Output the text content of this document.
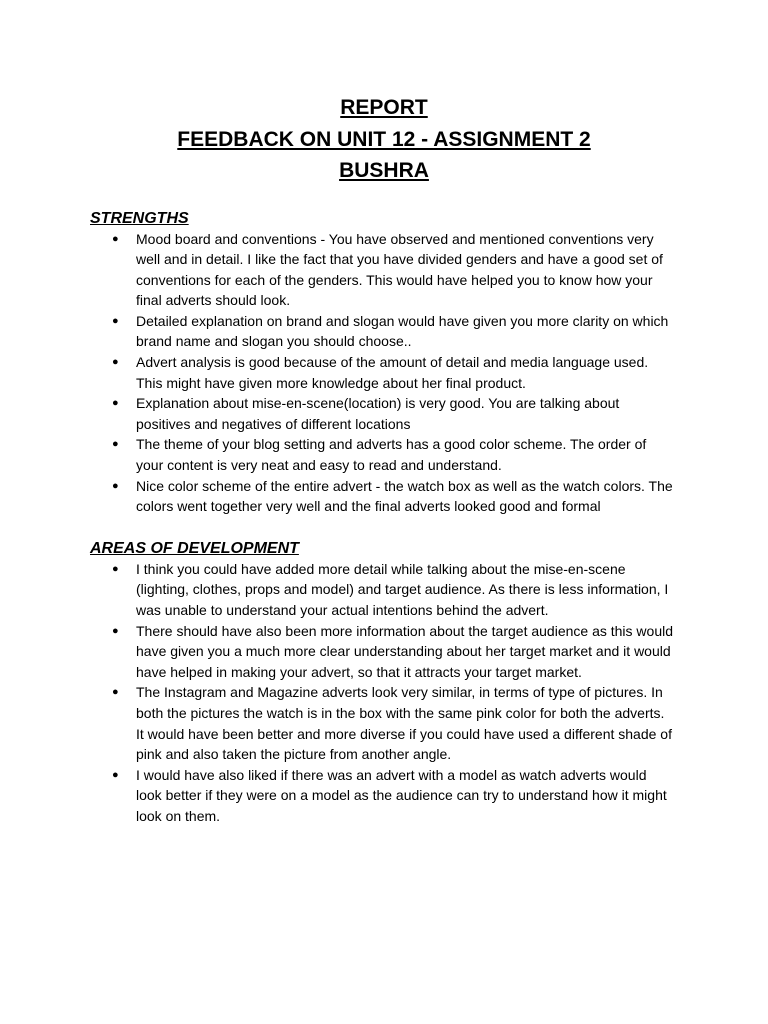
REPORT

FEEDBACK ON UNIT 12 - ASSIGNMENT 2

BUSHRA

STRENGTHS

● Mood board and conventions - You have observed and mentioned conventions very well and in detail. I like the fact that you have divided genders and have a good set of conventions for each of the genders. This would have helped you to know how your final adverts should look.
● Detailed explanation on brand and slogan would have given you more clarity on which brand name and slogan you should choose..
● Advert analysis is good because of the amount of detail and media language used. This might have given more knowledge about her final product.
● Explanation about mise-en-scene(location) is very good. You are talking about positives and negatives of different locations
● The theme of your blog setting and adverts has a good color scheme. The order of your content is very neat and easy to read and understand.
● Nice color scheme of the entire advert - the watch box as well as the watch colors. The colors went together very well and the final adverts looked good and formal

AREAS OF DEVELOPMENT

● I think you could have added more detail while talking about the mise-en-scene (lighting, clothes, props and model) and target audience. As there is less information, I was unable to understand your actual intentions behind the advert.
● There should have also been more information about the target audience as this would have given you a much more clear understanding about her target market and it would have helped in making your advert, so that it attracts your target market.
● The Instagram and Magazine adverts look very similar, in terms of type of pictures. In both the pictures the watch is in the box with the same pink color for both the adverts. It would have been better and more diverse if you could have used a different shade of pink and also taken the picture from another angle.
● I would have also liked if there was an advert with a model as watch adverts would look better if they were on a model as the audience can try to understand how it might look on them.
